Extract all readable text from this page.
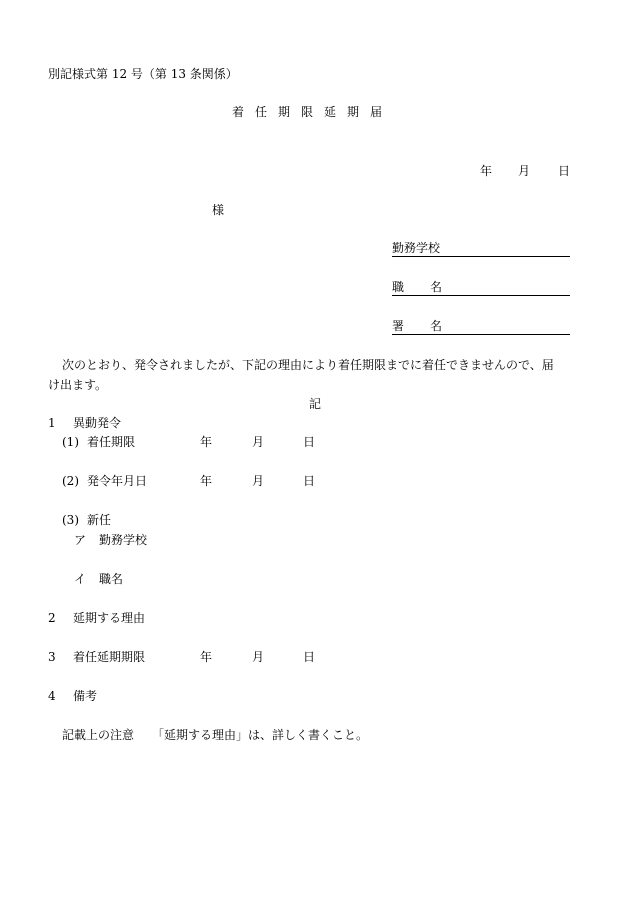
別記様式第 12 号（第 13 条関係）
着任期限延期届
年 月 日
様
勤務学校
職 名
署 名
次のとおり、発令されましたが、下記の理由により着任期限までに着任できませんので、届
け出ます。
記
1 異動発令
(1) 着任期限	年	月	日
(2) 発令年月日	年	月	日
(3) 新任
ア 勤務学校
イ 職名
2 延期する理由
3 着任延期期限	年	月	日
4 備考
記載上の注意 「延期する理由」は、詳しく書くこと。
